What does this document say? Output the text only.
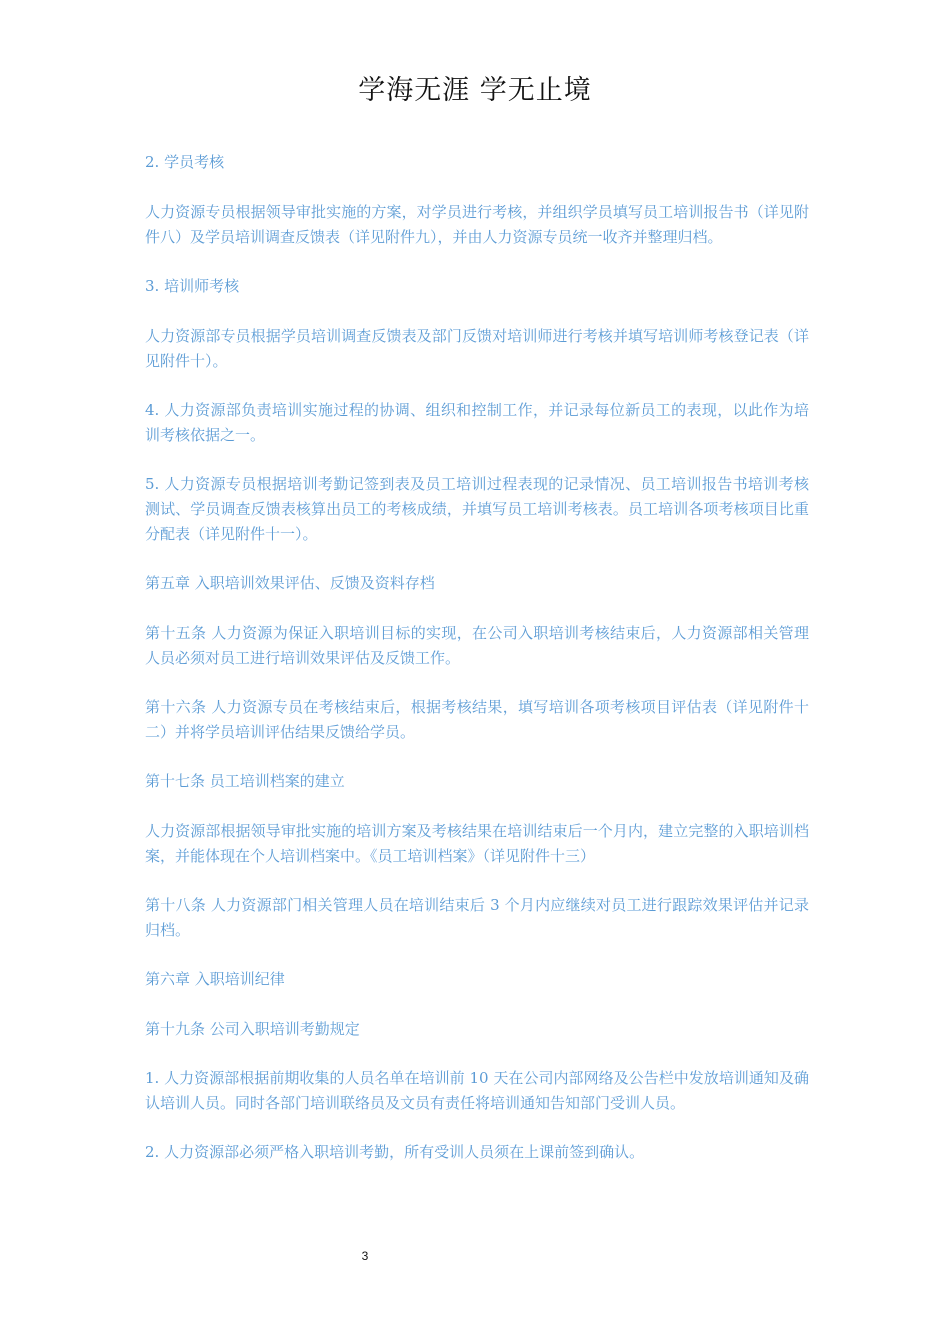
学海无涯 学无止境

2. 学员考核

人力资源专员根据领导审批实施的方案，对学员进行考核，并组织学员填写员工培训报告书（详见附件八）及学员培训调查反馈表（详见附件九），并由人力资源专员统一收齐并整理归档。

3. 培训师考核

人力资源部专员根据学员培训调查反馈表及部门反馈对培训师进行考核并填写培训师考核登记表（详见附件十）。

4. 人力资源部负责培训实施过程的协调、组织和控制工作，并记录每位新员工的表现，以此作为培训考核依据之一。

5. 人力资源专员根据培训考勤记签到表及员工培训过程表现的记录情况、员工培训报告书培训考核测试、学员调查反馈表核算出员工的考核成绩，并填写员工培训考核表。员工培训各项考核项目比重分配表（详见附件十一）。

第五章 入职培训效果评估、反馈及资料存档

第十五条 人力资源为保证入职培训目标的实现，在公司入职培训考核结束后，人力资源部相关管理人员必须对员工进行培训效果评估及反馈工作。

第十六条 人力资源专员在考核结束后，根据考核结果，填写培训各项考核项目评估表（详见附件十二）并将学员培训评估结果反馈给学员。

第十七条 员工培训档案的建立

人力资源部根据领导审批实施的培训方案及考核结果在培训结束后一个月内，建立完整的入职培训档案，并能体现在个人培训档案中。《员工培训档案》（详见附件十三）

第十八条 人力资源部门相关管理人员在培训结束后 3 个月内应继续对员工进行跟踪效果评估并记录归档。

第六章 入职培训纪律

第十九条 公司入职培训考勤规定

1. 人力资源部根据前期收集的人员名单在培训前 10 天在公司内部网络及公告栏中发放培训通知及确认培训人员。同时各部门培训联络员及文员有责任将培训通知告知部门受训人员。

2. 人力资源部必须严格入职培训考勤，所有受训人员须在上课前签到确认。

3
